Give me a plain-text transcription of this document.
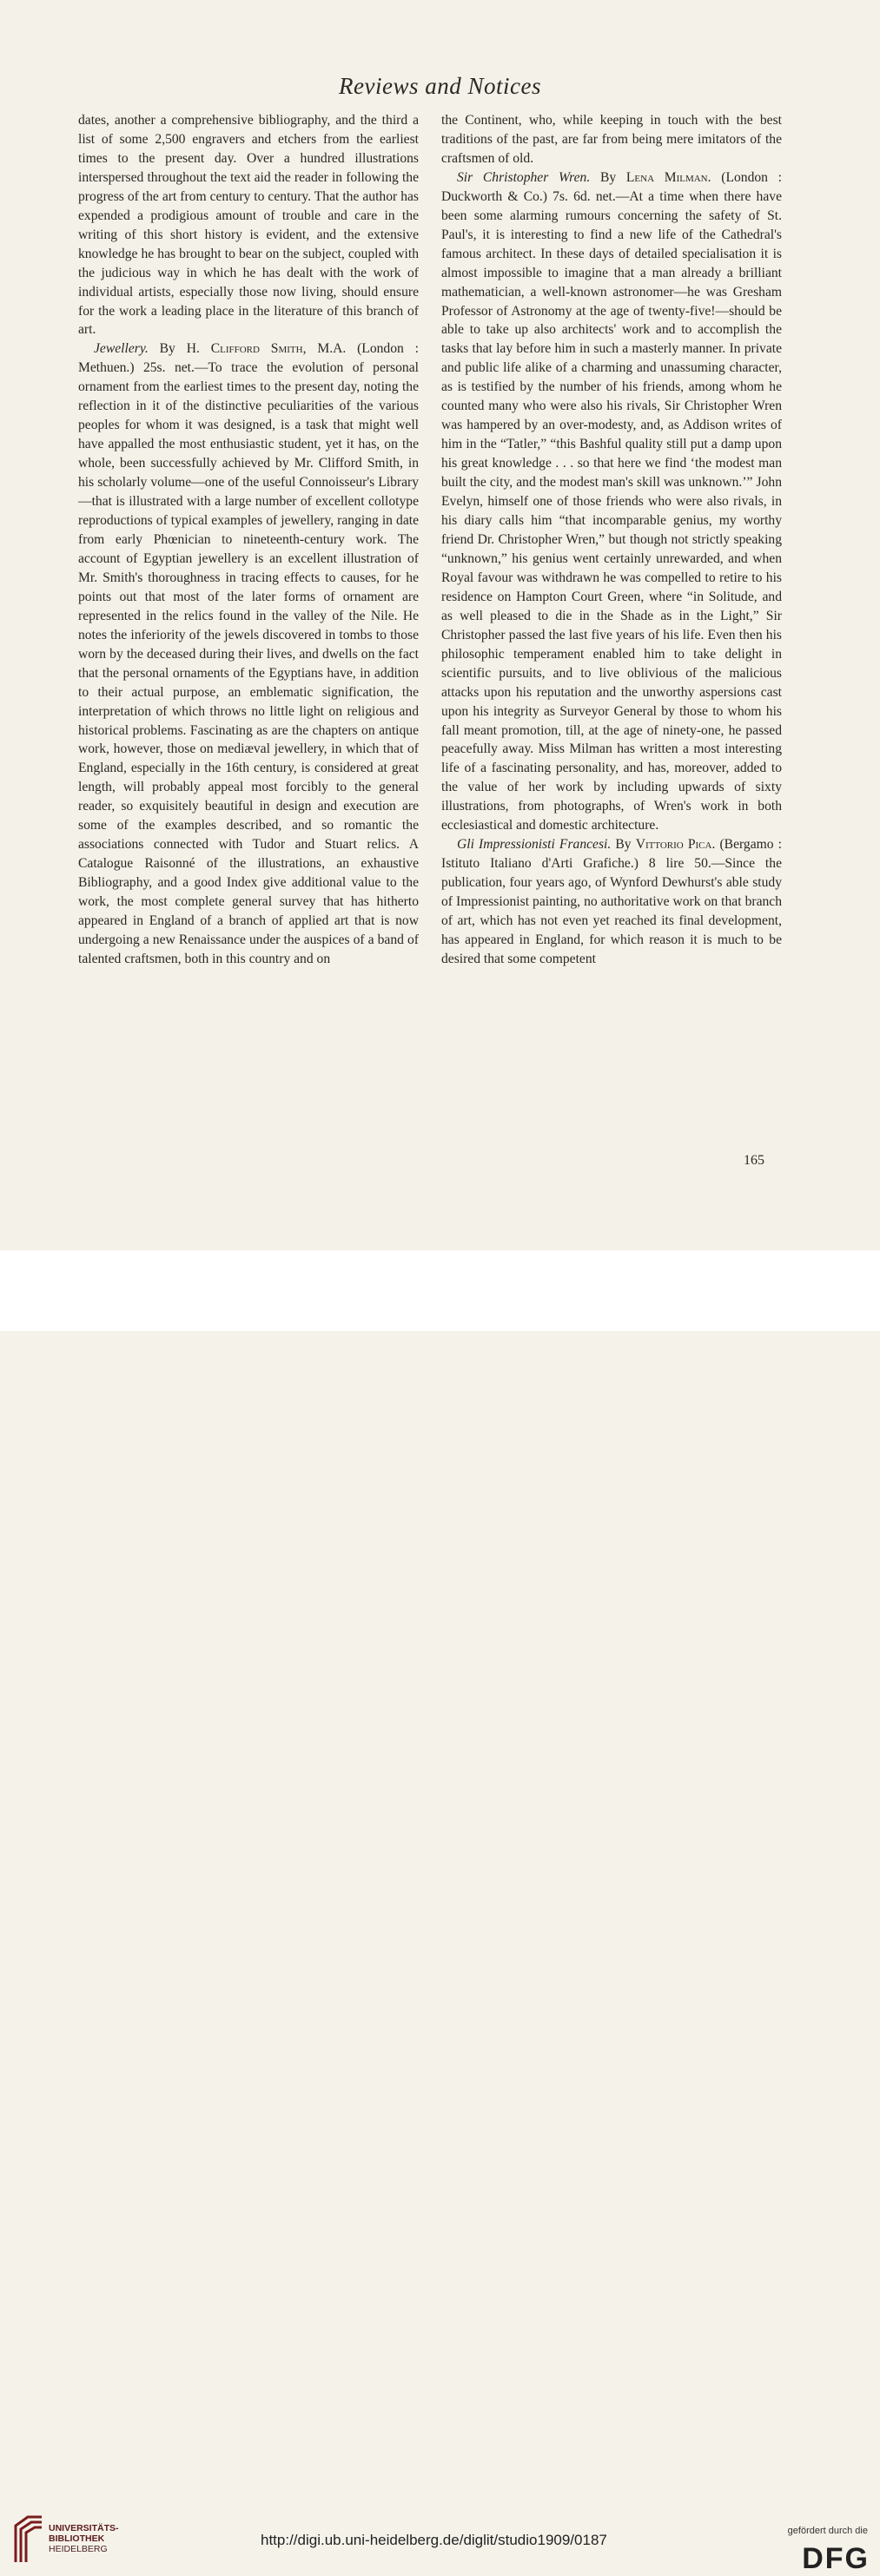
Reviews and Notices

dates, another a comprehensive bibliography, and the third a list of some 2,500 engravers and etchers from the earliest times to the present day. Over a hundred illustrations interspersed throughout the text aid the reader in following the progress of the art from century to century. That the author has expended a prodigious amount of trouble and care in the writing of this short history is evident, and the extensive knowledge he has brought to bear on the subject, coupled with the judicious way in which he has dealt with the work of individual artists, especially those now living, should ensure for the work a leading place in the literature of this branch of art.

Jewellery. By H. Clifford Smith, M.A. (London : Methuen.) 25s. net.—To trace the evolution of personal ornament from the earliest times to the present day, noting the reflection in it of the distinctive peculiarities of the various peoples for whom it was designed, is a task that might well have appalled the most enthusiastic student, yet it has, on the whole, been successfully achieved by Mr. Clifford Smith, in his scholarly volume—one of the useful Connoisseur's Library—that is illustrated with a large number of excellent collotype reproductions of typical examples of jewellery, ranging in date from early Phœnician to nineteenth-century work. The account of Egyptian jewellery is an excellent illustration of Mr. Smith's thoroughness in tracing effects to causes, for he points out that most of the later forms of ornament are represented in the relics found in the valley of the Nile. He notes the inferiority of the jewels discovered in tombs to those worn by the deceased during their lives, and dwells on the fact that the personal ornaments of the Egyptians have, in addition to their actual purpose, an emblematic signification, the interpretation of which throws no little light on religious and historical problems. Fascinating as are the chapters on antique work, however, those on mediæval jewellery, in which that of England, especially in the 16th century, is considered at great length, will probably appeal most forcibly to the general reader, so exquisitely beautiful in design and execution are some of the examples described, and so romantic the associations connected with Tudor and Stuart relics. A Catalogue Raisonné of the illustrations, an exhaustive Bibliography, and a good Index give additional value to the work, the most complete general survey that has hitherto appeared in England of a branch of applied art that is now undergoing a new Renaissance under the auspices of a band of talented craftsmen, both in this country and on

the Continent, who, while keeping in touch with the best traditions of the past, are far from being mere imitators of the craftsmen of old.

Sir Christopher Wren. By Lena Milman. (London : Duckworth & Co.) 7s. 6d. net.—At a time when there have been some alarming rumours concerning the safety of St. Paul's, it is interesting to find a new life of the Cathedral's famous architect. In these days of detailed specialisation it is almost impossible to imagine that a man already a brilliant mathematician, a well-known astronomer—he was Gresham Professor of Astronomy at the age of twenty-five!—should be able to take up also architects' work and to accomplish the tasks that lay before him in such a masterly manner. In private and public life alike of a charming and unassuming character, as is testified by the number of his friends, among whom he counted many who were also his rivals, Sir Christopher Wren was hampered by an over-modesty, and, as Addison writes of him in the “Tatler,” “this Bashful quality still put a damp upon his great knowledge . . . so that here we find ‘the modest man built the city, and the modest man's skill was unknown.’” John Evelyn, himself one of those friends who were also rivals, in his diary calls him “that incomparable genius, my worthy friend Dr. Christopher Wren,” but though not strictly speaking “unknown,” his genius went certainly unrewarded, and when Royal favour was withdrawn he was compelled to retire to his residence on Hampton Court Green, where “in Solitude, and as well pleased to die in the Shade as in the Light,” Sir Christopher passed the last five years of his life. Even then his philosophic temperament enabled him to take delight in scientific pursuits, and to live oblivious of the malicious attacks upon his reputation and the unworthy aspersions cast upon his integrity as Surveyor General by those to whom his fall meant promotion, till, at the age of ninety-one, he passed peacefully away. Miss Milman has written a most interesting life of a fascinating personality, and has, moreover, added to the value of her work by including upwards of sixty illustrations, from photographs, of Wren's work in both ecclesiastical and domestic architecture.

Gli Impressionisti Francesi. By Vittorio Pica. (Bergamo : Istituto Italiano d'Arti Grafiche.) 8 lire 50.—Since the publication, four years ago, of Wynford Dewhurst's able study of Impressionist painting, no authoritative work on that branch of art, which has not even yet reached its final development, has appeared in England, for which reason it is much to be desired that some competent

165
UNIVERSITÄTS-
BIBLIOTHEK
HEIDELBERG
http://digi.ub.uni-heidelberg.de/diglit/studio1909/0187
gefördert durch die
DFG
